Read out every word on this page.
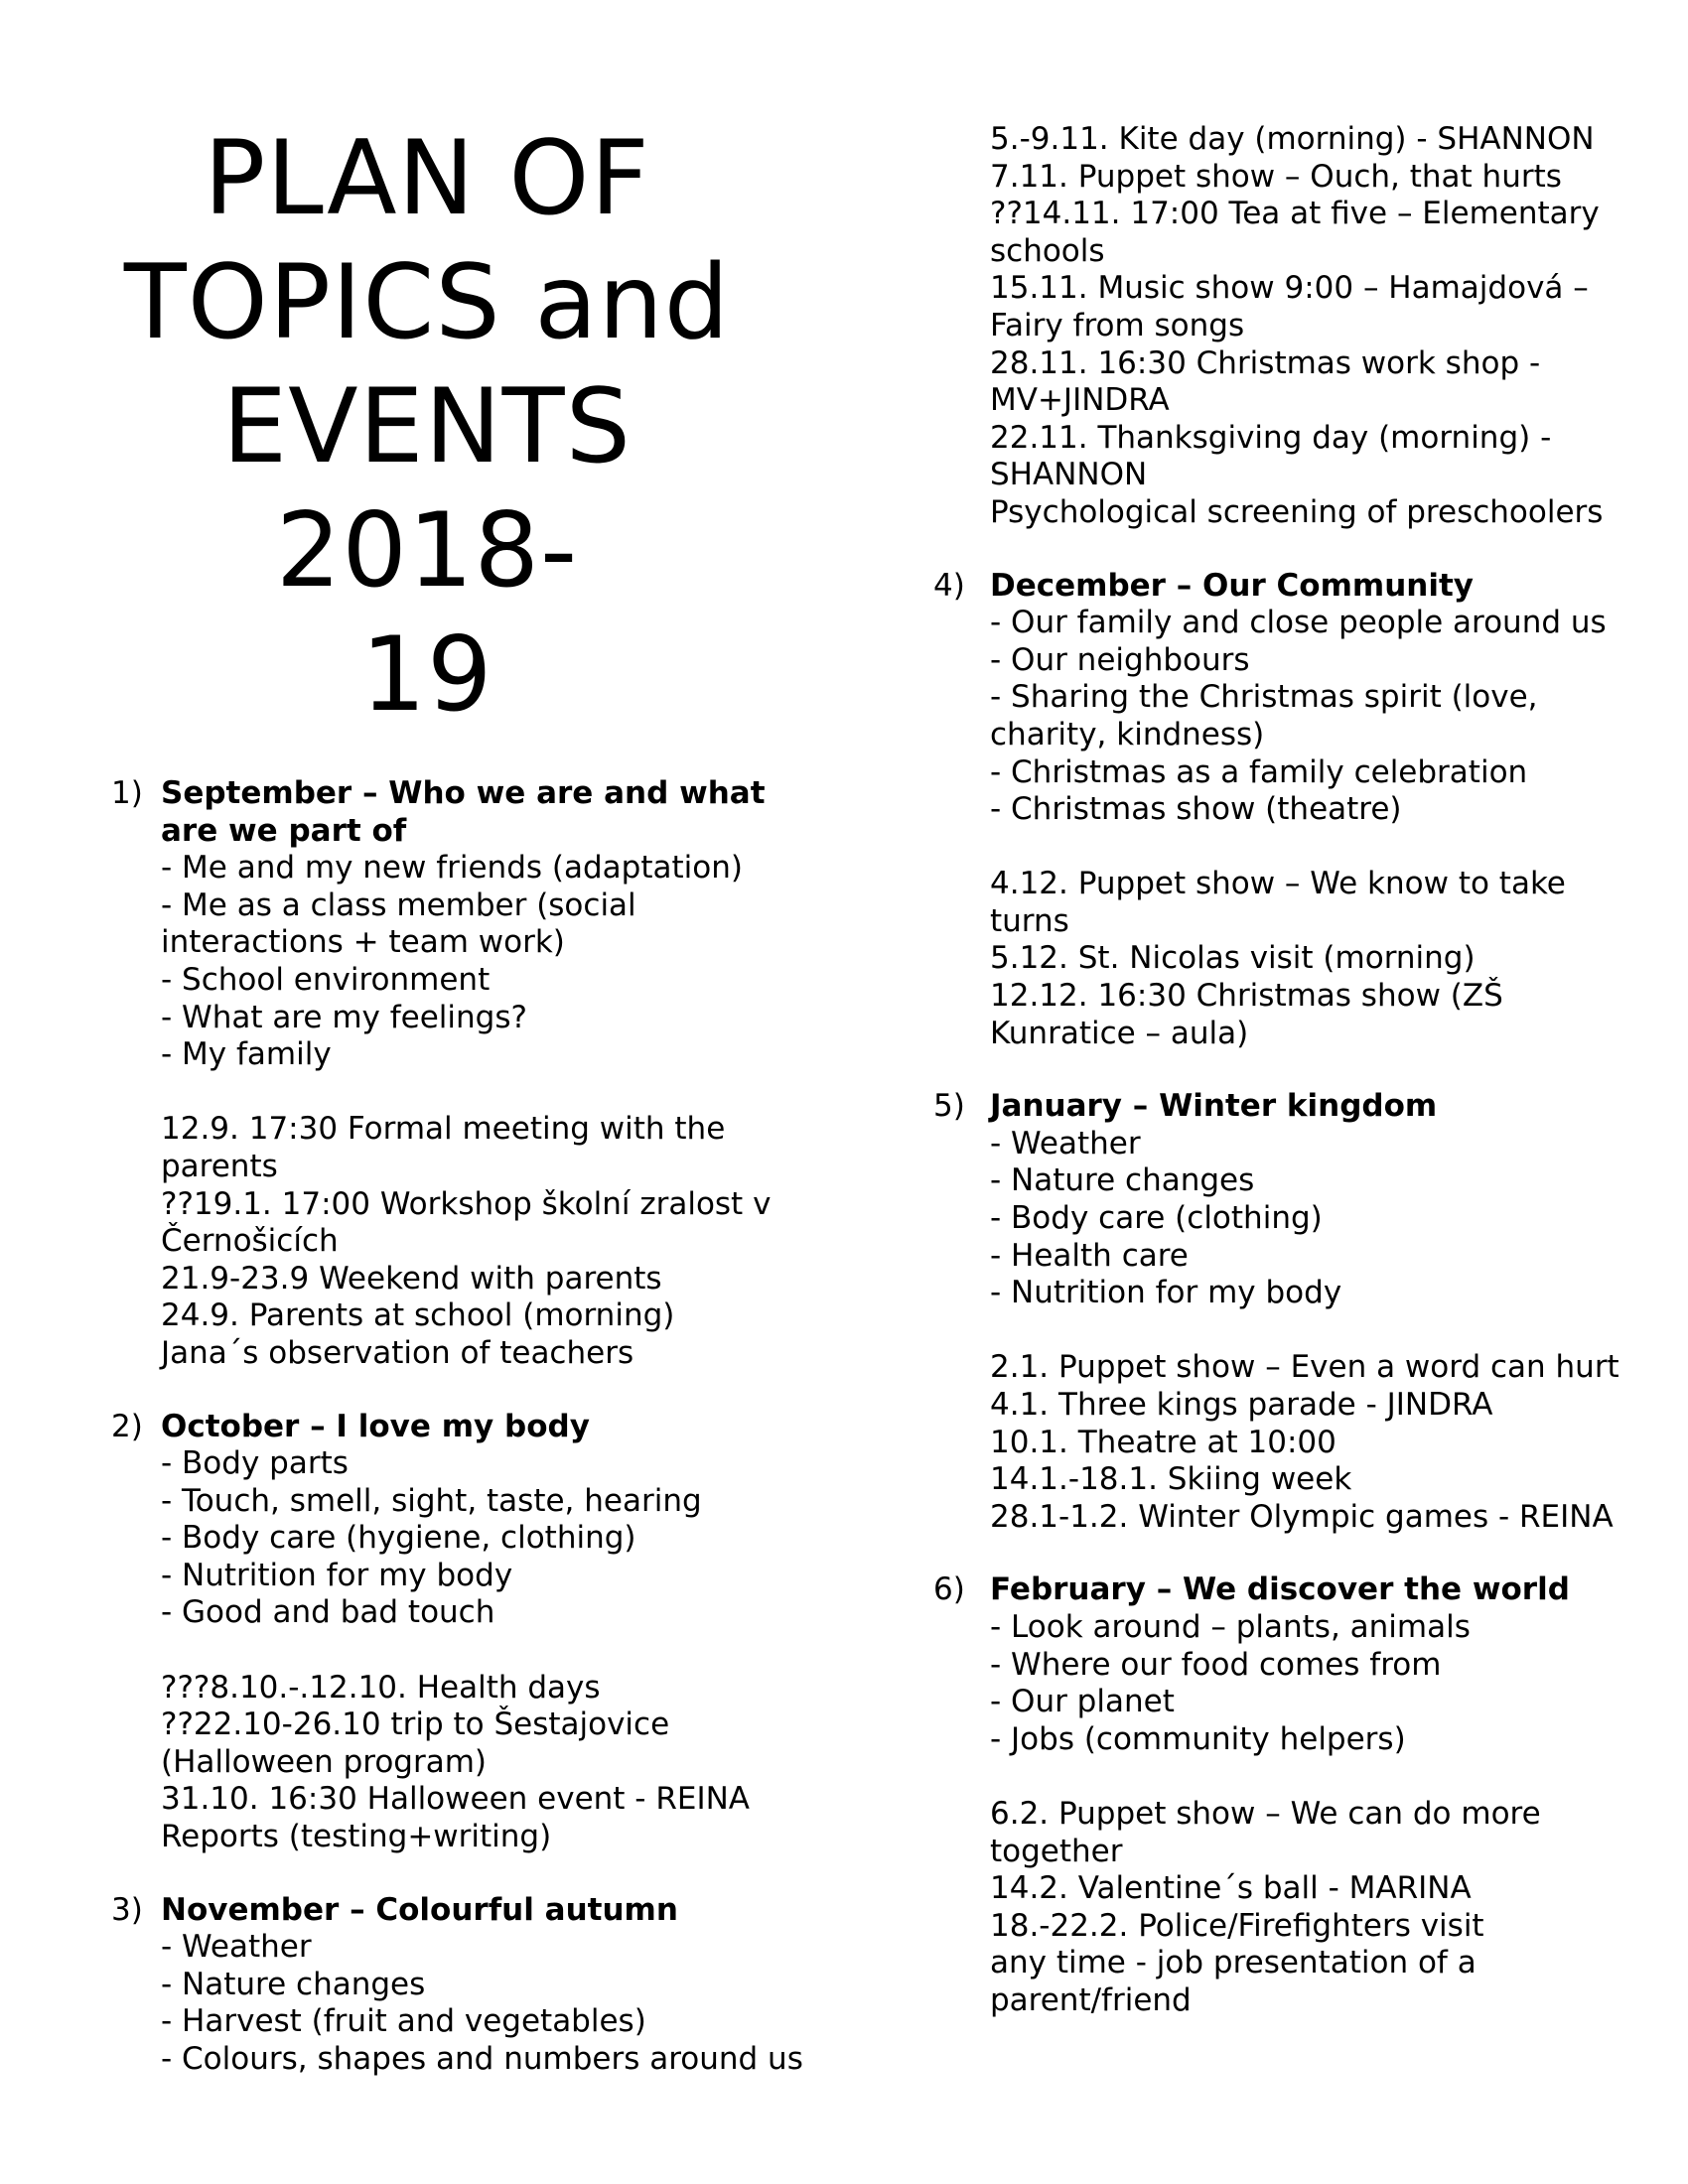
PLAN OF
TOPICS and
EVENTS 2018-
19
1) September – Who we are and what
are we part of
- Me and my new friends (adaptation)
- Me as a class member (social
interactions + team work)
- School environment
- What are my feelings?
- My family
12.9. 17:30 Formal meeting with the
parents
??19.1. 17:00 Workshop školní zralost v
Černošicích
21.9-23.9 Weekend with parents
24.9. Parents at school (morning)
Jana´s observation of teachers
2) October – I love my body
- Body parts
- Touch, smell, sight, taste, hearing
- Body care (hygiene, clothing)
- Nutrition for my body
- Good and bad touch
???8.10.-.12.10. Health days
??22.10-26.10 trip to Šestajovice
(Halloween program)
31.10. 16:30 Halloween event - REINA
Reports (testing+writing)
3) November – Colourful autumn
- Weather
- Nature changes
- Harvest (fruit and vegetables)
- Colours, shapes and numbers around us
5.-9.11. Kite day (morning) - SHANNON
7.11. Puppet show – Ouch, that hurts
??14.11. 17:00 Tea at five – Elementary
schools
15.11. Music show 9:00 – Hamajdová –
Fairy from songs
28.11. 16:30 Christmas work shop -
MV+JINDRA
22.11. Thanksgiving day (morning) -
SHANNON
Psychological screening of preschoolers
4) December – Our Community
- Our family and close people around us
- Our neighbours
- Sharing the Christmas spirit (love,
charity, kindness)
- Christmas as a family celebration
- Christmas show (theatre)
4.12. Puppet show – We know to take
turns
5.12. St. Nicolas visit (morning)
12.12. 16:30 Christmas show (ZŠ
Kunratice – aula)
5) January – Winter kingdom
- Weather
- Nature changes
- Body care (clothing)
- Health care
- Nutrition for my body
2.1. Puppet show – Even a word can hurt
4.1. Three kings parade - JINDRA
10.1. Theatre at 10:00
14.1.-18.1. Skiing week
28.1-1.2. Winter Olympic games - REINA
6) February – We discover the world
- Look around – plants, animals
- Where our food comes from
- Our planet
- Jobs (community helpers)
6.2. Puppet show – We can do more
together
14.2. Valentine´s ball - MARINA
18.-22.2. Police/Firefighters visit
any time - job presentation of a
parent/friend
